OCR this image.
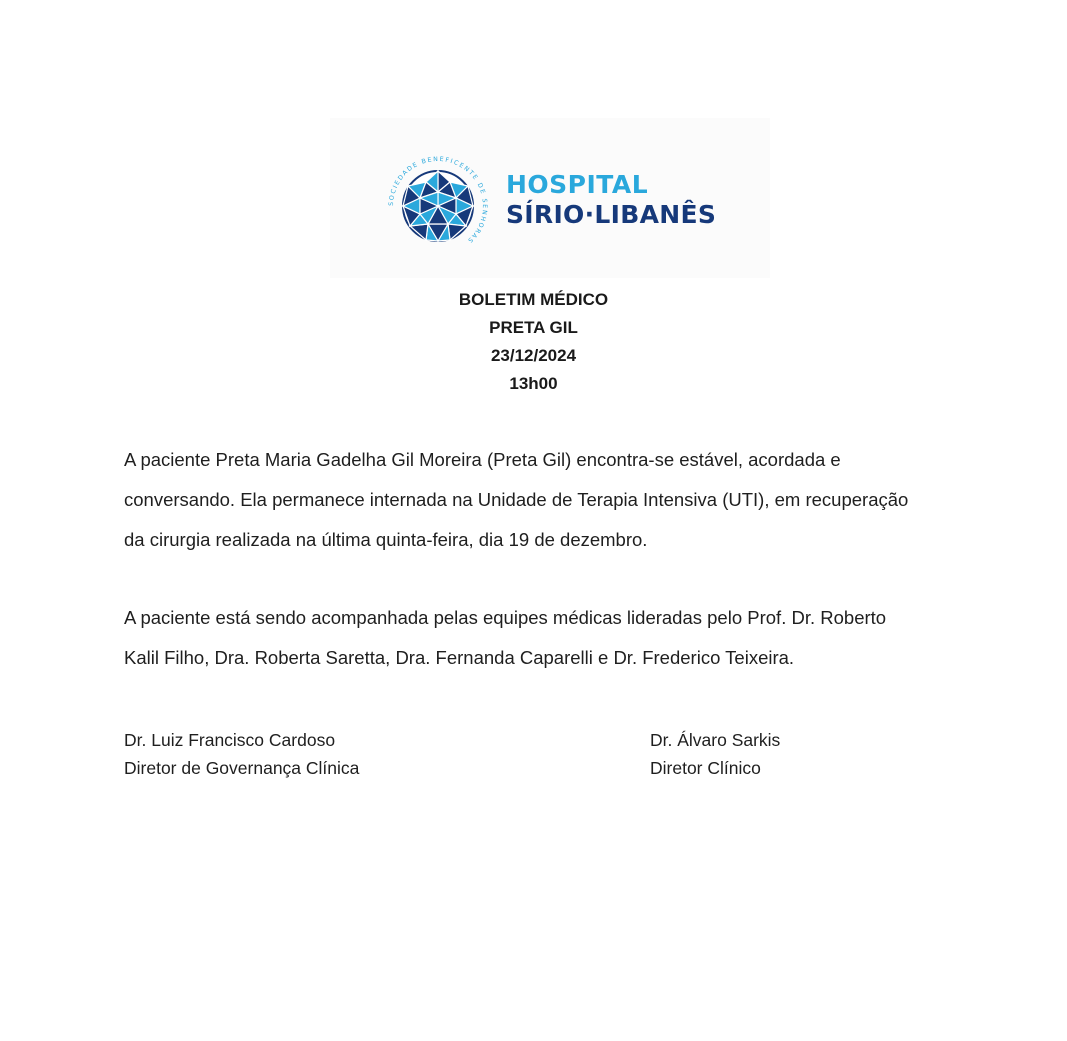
SOCIEDADE BENEFICENTE DE SENHORAS
HOSPITAL
SÍRIO·LIBANÊS
BOLETIM MÉDICO
PRETA GIL
23/12/2024
13h00
A paciente Preta Maria Gadelha Gil Moreira (Preta Gil) encontra-se estável, acordada e
conversando. Ela permanece internada na Unidade de Terapia Intensiva (UTI), em recuperação
da cirurgia realizada na última quinta-feira, dia 19 de dezembro.
A paciente está sendo acompanhada pelas equipes médicas lideradas pelo Prof. Dr. Roberto
Kalil Filho, Dra. Roberta Saretta, Dra. Fernanda Caparelli e Dr. Frederico Teixeira.
Dr. Luiz Francisco Cardoso
Diretor de Governança Clínica
Dr. Álvaro Sarkis
Diretor Clínico
